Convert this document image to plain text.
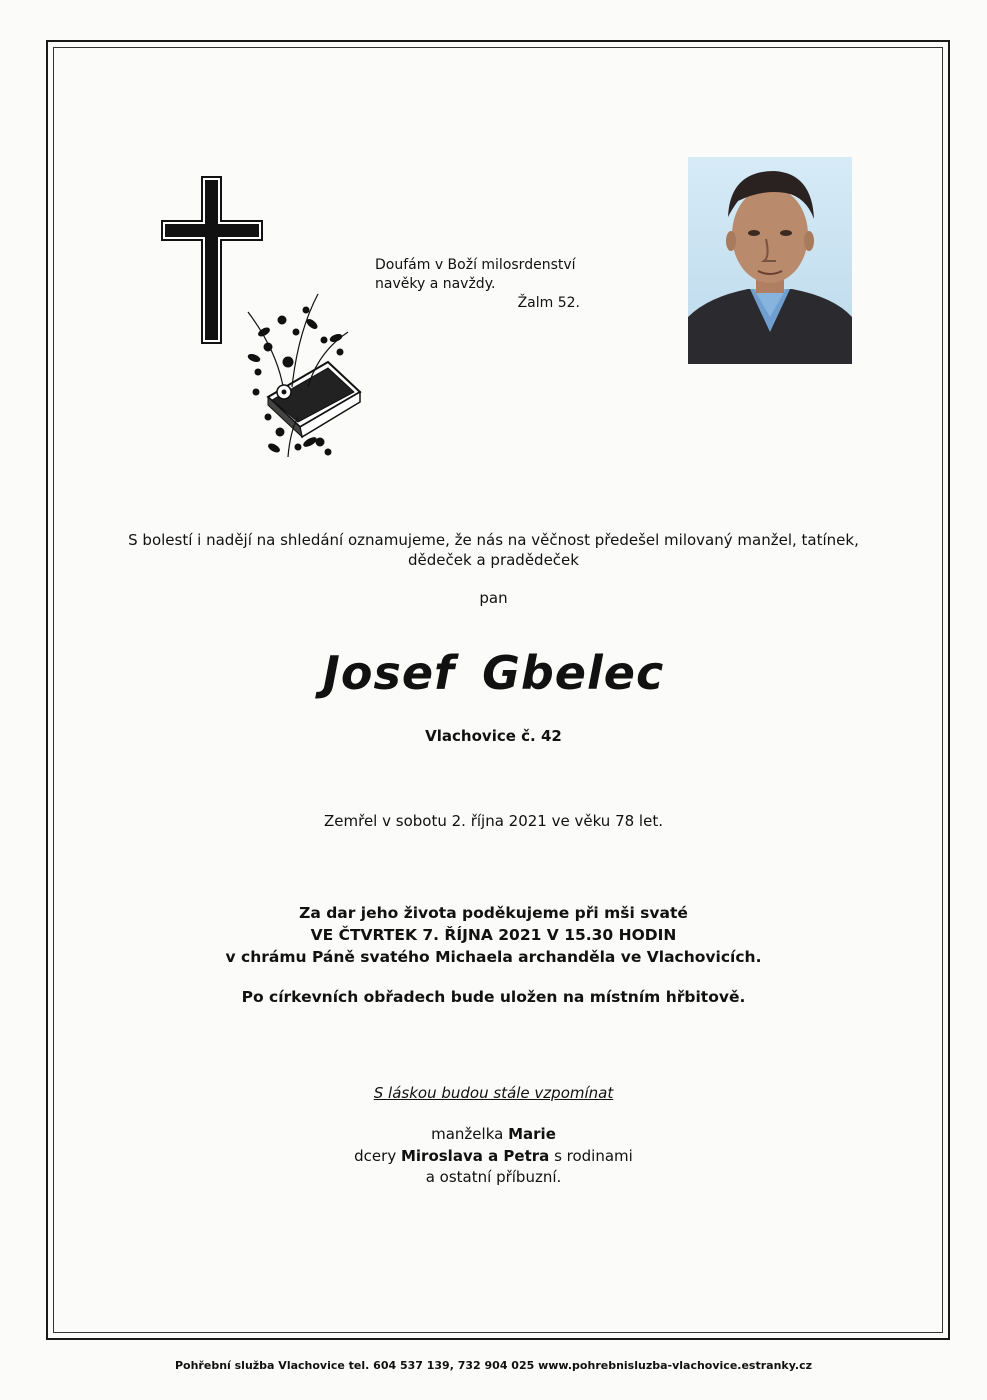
Doufám v Boží milosrdenství
navěky a navždy.
Žalm 52.
S bolestí i nadějí na shledání oznamujeme, že nás na věčnost předešel milovaný manžel, tatínek,
dědeček a pradědeček
pan
Josef Gbelec
Vlachovice č. 42
Zemřel v sobotu 2. října 2021 ve věku 78 let.
Za dar jeho života poděkujeme při mši svaté
VE ČTVRTEK 7. ŘÍJNA 2021 V 15.30 HODIN
v chrámu Páně svatého Michaela archanděla ve Vlachovicích.
Po církevních obřadech bude uložen na místním hřbitově.
S láskou budou stále vzpomínat
manželka Marie
dcery Miroslava a Petra s rodinami
a ostatní příbuzní.
Pohřební služba Vlachovice tel. 604 537 139, 732 904 025 www.pohrebnisluzba-vlachovice.estranky.cz
